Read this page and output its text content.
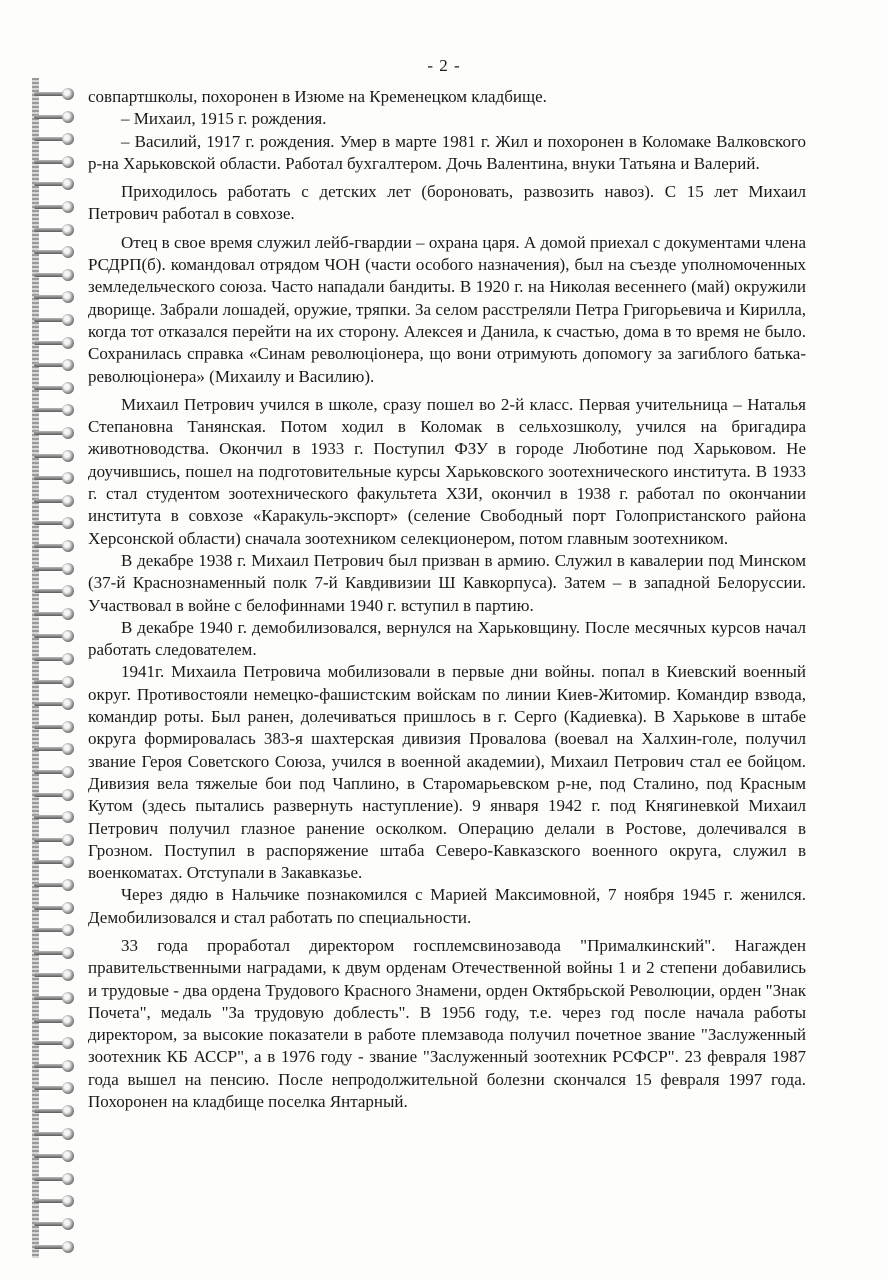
- 2 -

совпартшколы, похоронен в Изюме на Кременецком кладбище.

– Михаил, 1915 г. рождения.

– Василий, 1917 г. рождения. Умер в марте 1981 г. Жил и похоронен в Коломаке Валковского р-на Харьковской области. Работал бухгалтером. Дочь Валентина, внуки Татьяна и Валерий.

Приходилось работать с детских лет (бороновать, развозить навоз). С 15 лет Михаил Петрович работал в совхозе.

Отец в свое время служил лейб-гвардии – охрана царя. А домой приехал с документами члена РСДРП(б). командовал отрядом ЧОН (части особого назначения), был на съезде уполномоченных земледельческого союза. Часто нападали бандиты. В 1920 г. на Николая весеннего (май) окружили дворище. Забрали лошадей, оружие, тряпки. За селом расстреляли Петра Григорьевича и Кирилла, когда тот отказался перейти на их сторону. Алексея и Данила, к счастью, дома в то время не было. Сохранилась справка «Синам революціонера, що вони отримують допомогу за загиблого батька-революціонера» (Михаилу и Василию).

Михаил Петрович учился в школе, сразу пошел во 2-й класс. Первая учительница – Наталья Степановна Танянская. Потом ходил в Коломак в сельхозшколу, учился на бригадира животноводства. Окончил в 1933 г. Поступил ФЗУ в городе Люботине под Харьковом. Не доучившись, пошел на подготовительные курсы Харьковского зоотехнического института. В 1933 г. стал студентом зоотехнического факультета ХЗИ, окончил в 1938 г. работал по окончании института в совхозе «Каракуль-экспорт» (селение Свободный порт Голопристанского района Херсонской области) сначала зоотехником селекционером, потом главным зоотехником.

В декабре 1938 г. Михаил Петрович был призван в армию. Служил в кавалерии под Минском (37-й Краснознамeнный полк 7-й Кавдивизии Ш Кавкорпуса). Затем – в западной Белоруссии. Участвовал в войне с белофиннами 1940 г. вступил в партию.

В декабре 1940 г. демобилизовался, вернулся на Харьковщину. После месячных курсов начал работать следователем.

1941г. Михаила Петровича мобилизовали в первые дни войны. попал в Киевский военный округ. Противостояли немецко-фашистским войскам по линии Киев-Житомир. Командир взвода, командир роты. Был ранен, долечиваться пришлось в г. Серго (Кадиевка). В Харькове в штабе округа формировалась 383-я шахтерская дивизия Провалова (воевал на Халхин-голе, получил звание Героя Советского Союза, учился в военной академии), Михаил Петрович стал ее бойцом. Дивизия вела тяжелые бои под Чаплино, в Старомарьевском р-не, под Сталино, под Красным Кутом (здесь пытались развернуть наступление). 9 января 1942 г. под Княгиневкой Михаил Петрович получил глазное ранение осколком. Операцию делали в Ростове, долечивался в Грозном. Поступил в распоряжение штаба Северо-Кавказского военного округа, служил в военкоматах. Отступали в Закавказье.

Через дядю в Нальчике познакомился с Марией Максимовной, 7 ноября 1945 г. женился. Демобилизовался и стал работать по специальности.

33 года проработал директором госплемсвинозавода "Прималкинский". Нагажден правительственными наградами, к двум орденам Отечественной войны 1 и 2 степени добавились и трудовые - два ордена Трудового Красного Знамени, орден Октябрьской Революции, орден "Знак Почета", медаль "За трудовую доблесть". В 1956 году, т.е. через год после начала работы директором, за высокие показатели в работе племзавода получил почетное звание "Заслуженный зоотехник КБ АССР", а в 1976 году - звание "Заслуженный зоотехник РСФСР". 23 февраля 1987 года вышел на пенсию. После непродолжительной болезни скончался 15 февраля 1997 года. Похоронен на кладбище поселка Янтарный.
